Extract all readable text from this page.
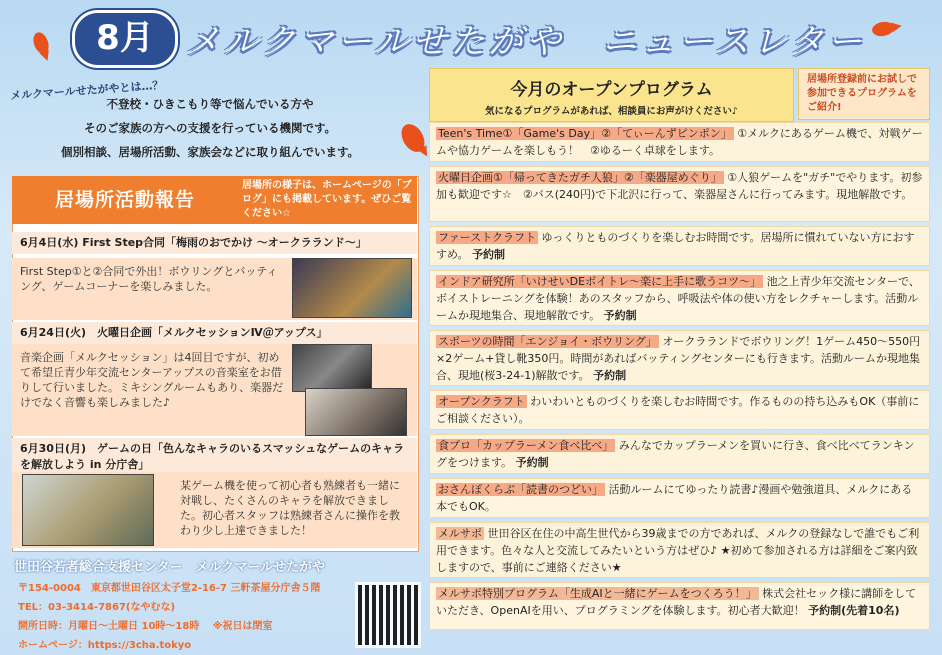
8月 メルクマールせたがや　ニュースレター
メルクマールせたがやとは…？
不登校・ひきこもり等で悩んでいる方や
そのご家族の方への支援を行っている機関です。
個別相談、居場所活動、家族会などに取り組んでいます。
居場所活動報告
居場所の様子は、ホームページの「ブログ」にも掲載しています。ぜひご覧ください☆
6月4日(水) First Step合同「梅雨のおでかけ ～オークラランド～」
First Step①と②合同で外出！ボウリングとバッティング、ゲームコーナーを楽しみました。
6月24日(火)　火曜日企画「メルクセッションⅣ＠アップス」
音楽企画「メルクセッション」は4回目ですが、初めて希望丘青少年交流センターアップスの音楽室をお借りして行いました。ミキシングルームもあり、楽器だけでなく音響も楽しみました♪
6月30日(月)　ゲームの日「色んなキャラのいるスマッシュなゲームのキャラを解放しよう in 分庁舎」
某ゲーム機を使って初心者も熟練者も一緒に対戦し、たくさんのキャラを解放できました。初心者スタッフは熟練者さんに操作を教わり少し上達できました！
世田谷若者総合支援センター　メルクマールせたがや
〒154-0004　東京都世田谷区太子堂2-16-7 三軒茶屋分庁舎５階
TEL：03-3414-7867(なやむな)
開所日時：月曜日～土曜日 10時～18時　 ※祝日は閉室
ホームページ：https://3cha.tokyo
今月のオープンプログラム
気になるプログラムがあれば、相談員にお声がけください♪
居場所登録前にお試しで参加できるプログラムをご紹介!
Teen's Time①「Game's Day」②「てぃーんずピンポン」 ①メルクにあるゲーム機で、対戦ゲームや協力ゲームを楽しもう！　②ゆるーく卓球をします。
火曜日企画①「帰ってきたガチ人狼」②「楽器屋めぐり」 ①人狼ゲームを"ガチ"でやります。初参加も歓迎です☆　②バス(240円)で下北沢に行って、楽器屋さんに行ってみます。現地解散です。
ファーストクラフト ゆっくりとものづくりを楽しむお時間です。居場所に慣れていない方におすすめ。 予約制
インドア研究所「いけせいDEボイトレ～楽に上手に歌うコツ～」 池之上青少年交流センターで、ボイストレーニングを体験！あのスタッフから、呼吸法や体の使い方をレクチャーします。活動ルームか現地集合、現地解散です。 予約制
スポーツの時間「エンジョイ・ボウリング」 オークラランドでボウリング！1ゲーム450～550円×2ゲーム+貸し靴350円。時間があればバッティングセンターにも行きます。活動ルームか現地集合、現地(桜3-24-1)解散です。 予約制
オープンクラフト わいわいとものづくりを楽しむお時間です。作るものの持ち込みもOK（事前にご相談ください）。
食プロ「カップラーメン食べ比べ」 みんなでカップラーメンを買いに行き、食べ比べてランキングをつけます。 予約制
おさんぽくらぶ「読書のつどい」 活動ルームにてゆったり読書♪漫画や勉強道具、メルクにある本でもOK。
メルサポ 世田谷区在住の中高生世代から39歳までの方であれば、メルクの登録なしで誰でもご利用できます。色々な人と交流してみたいという方はぜひ♪ ★初めて参加される方は詳細をご案内致しますので、事前にご連絡ください★
メルサポ特別プログラム「生成AIと一緒にゲームをつくろう！」 株式会社セック様に講師をしていただき、OpenAIを用い、プログラミングを体験します。初心者大歓迎！ 予約制(先着10名)
